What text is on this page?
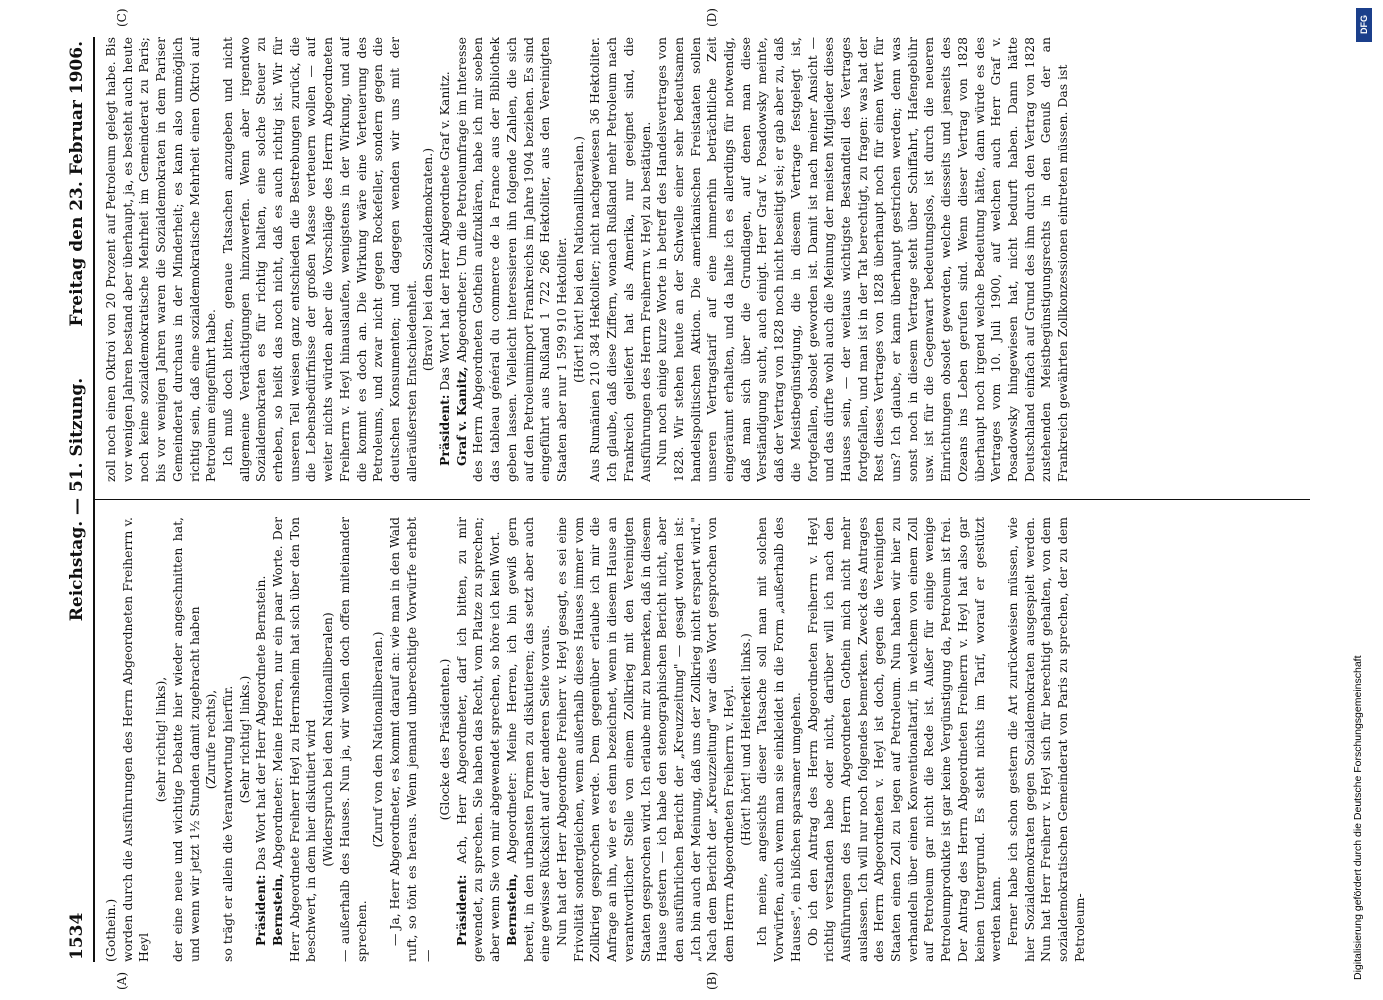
1534
Reichstag. — 51. Sitzung.
Freitag den 23. Februar 1906.
(A)	(B)
(C)	(D)

(Gothein.) worden durch die Ausführungen des Herrn Abgeordneten Freiherrn v. Heyl

(sehr richtig! links), der eine neue und wichtige Debatte hier wieder angeschnitten hat, und wenn wir jetzt 1½ Stunden damit zugebracht haben (Zurufe rechts), so trägt er allein die Verantwortung hierfür. (Sehr richtig! links.)

Präsident: Das Wort hat der Herr Abgeordnete Bernstein.

Bernstein, Abgeordneter: Meine Herren, nur ein paar Worte. Der Herr Abgeordnete Freiherr Heyl zu Herrnsheim hat sich über den Ton beschwert, in dem hier diskutiert wird (Widerspruch bei den Nationalliberalen) — außerhalb des Hauses. Nun ja, wir wollen doch offen miteinander sprechen.

(Zuruf von den Nationalliberalen.) — Ja, Herr Abgeordneter, es kommt darauf an: wie man in den Wald ruft, so tönt es heraus. Wenn jemand unberechtigte Vorwürfe erhebt —

(Glocke des Präsidenten.)

Präsident: Ach, Herr Abgeordneter, darf ich bitten, zu mir gewendet, zu sprechen. Sie haben das Recht, vom Platze zu sprechen; aber wenn Sie von mir abgewendet sprechen, so höre ich kein Wort. Bernstein, Abgeordneter: Meine Herren, ich bin gewiß gern bereit, in den urbansten Formen zu diskutieren; das setzt aber auch eine gewisse Rücksicht auf der anderen Seite voraus. Nun hat der Herr Abgeordnete Freiherr v. Heyl gesagt, es sei eine Frivolität sondergleichen, wenn außerhalb dieses Hauses immer vom Zollkrieg gesprochen werde. Dem gegenüber erlaube ich mir die Anfrage an ihn, wie er es denn bezeichnet, wenn in diesem Hause an verantwortlicher Stelle von einem Zollkrieg mit den Vereinigten Staaten gesprochen wird. Ich erlaube mir zu bemerken, daß in diesem Hause gestern — ich habe den stenographischen Bericht nicht, aber den ausführlichen Bericht der „Kreuzzeitung" — gesagt worden ist: „Ich bin auch der Meinung, daß uns der Zollkrieg nicht erspart wird." Nach dem Bericht der „Kreuzzeitung" war dies Wort gesprochen von dem Herrn Abgeordneten Freiherrn v. Heyl. (Hört! hört! und Heiterkeit links.) Ich meine, angesichts dieser Tatsache soll man mit solchen Vorwürfen, auch wenn man sie einkleidet in die Form „außerhalb des Hauses", ein bißchen sparsamer umgehen. Ob ich den Antrag des Herrn Abgeordneten Freiherrn v. Heyl richtig verstanden habe oder nicht, darüber will ich nach den Ausführungen des Herrn Abgeordneten Gothein mich nicht mehr auslassen. Ich will nur noch folgendes bemerken. Zweck des Antrages des Herrn Abgeordneten v. Heyl ist doch, gegen die Vereinigten Staaten einen Zoll zu legen auf Petroleum. Nun haben wir hier zu verhandeln über einen Konventionaltarif, in welchem von einem Zoll auf Petroleum gar nicht die Rede ist. Außer für einige wenige Petroleumprodukte ist gar keine Vergünstigung da, Petroleum ist frei. Der Antrag des Herrn Abgeordneten Freiherrn v. Heyl hat also gar keinen Untergrund. Es steht nichts im Tarif, worauf er gestützt werden kann. Ferner habe ich schon gestern die Art zurückweisen müssen, wie hier Sozialdemokraten gegen Sozialdemokraten ausgespielt werden. Nun hat Herr Freiherr v. Heyl sich für berechtigt gehalten, von dem sozialdemokratischen Gemeinderat von Paris zu sprechen, der zu dem Petroleum-

zoll noch einen Oktroi von 20 Prozent auf Petroleum gelegt habe. Bis vor wenigen Jahren bestand aber überhaupt, ja, es besteht auch heute noch keine sozialdemokratische Mehrheit im Gemeinderat zu Paris; bis vor wenigen Jahren waren die Sozialdemokraten in dem Pariser Gemeinderat durchaus in der Minderheit; es kann also unmöglich richtig sein, daß eine sozialdemokratische Mehrheit einen Oktroi auf Petroleum eingeführt habe. Ich muß doch bitten, genaue Tatsachen anzugeben und nicht allgemeine Verdächtigungen hinzuwerfen. Wenn aber irgendwo Sozialdemokraten es für richtig halten, eine solche Steuer zu erheben, so heißt das noch nicht, daß es auch richtig ist. Wir für unseren Teil weisen ganz entschieden die Bestrebungen zurück, die die Lebensbedürfnisse der großen Masse verteuern wollen — auf weiter nichts würden aber die Vorschläge des Herrn Abgeordneten Freiherrn v. Heyl hinauslaufen, wenigstens in der Wirkung, und auf die kommt es doch an. Die Wirkung wäre eine Verteuerung des Petroleums, und zwar nicht gegen Rockefeller, sondern gegen die deutschen Konsumenten; und dagegen wenden wir uns mit der alleräußersten Entschiedenheit.

(Bravo! bei den Sozialdemokraten.)

Präsident: Das Wort hat der Herr Abgeordnete Graf v. Kanitz.

Graf v. Kanitz, Abgeordneter: Um die Petroleumfrage im Interesse des Herrn Abgeordneten Gothein aufzuklären, habe ich mir soeben das tableau général du commerce de la France aus der Bibliothek geben lassen. Vielleicht interessieren ihn folgende Zahlen, die sich auf den Petroleumimport Frankreichs im Jahre 1904 beziehen. Es sind eingeführt aus Rußland 1 722 266 Hektoliter, aus den Vereinigten Staaten aber nur 1 599 910 Hektoliter. (Hört! hört! bei den Nationalliberalen.) Aus Rumänien 210 384 Hektoliter; nicht nachgewiesen 36 Hektoliter. Ich glaube, daß diese Ziffern, wonach Rußland mehr Petroleum nach Frankreich geliefert hat als Amerika, nur geeignet sind, die Ausführungen des Herrn Freiherrn v. Heyl zu bestätigen. Nun noch einige kurze Worte in betreff des Handelsvertrages von 1828. Wir stehen heute an der Schwelle einer sehr bedeutsamen handelspolitischen Aktion. Die amerikanischen Freistaaten sollen unseren Vertragstarif auf eine immerhin beträchtliche Zeit eingeräumt erhalten, und da halte ich es allerdings für notwendig, daß man sich über die Grundlagen, auf denen man diese Verständigung sucht, auch einigt. Herr Graf v. Posadowsky meinte, daß der Vertrag von 1828 noch nicht beseitigt sei; er gab aber zu, daß die Meistbegünstigung, die in diesem Vertrage festgelegt ist, fortgefallen, obsolet geworden ist. Damit ist nach meiner Ansicht — und das dürfte wohl auch die Meinung der meisten Mitglieder dieses Hauses sein, — der weitaus wichtigste Bestandteil des Vertrages fortgefallen, und man ist in der Tat berechtigt, zu fragen: was hat der Rest dieses Vertrages von 1828 überhaupt noch für einen Wert für uns? Ich glaube, er kann überhaupt gestrichen werden; denn was sonst noch in diesem Vertrage steht über Schiffahrt, Hafengebühr usw. ist für die Gegenwart bedeutungslos, ist durch die neueren Einrichtungen obsolet geworden, welche diesseits und jenseits des Ozeans ins Leben gerufen sind. Wenn dieser Vertrag von 1828 überhaupt noch irgend welche Bedeutung hätte, dann würde es des Vertrages vom 10. Juli 1900, auf welchen auch Herr Graf v. Posadowsky hingewiesen hat, nicht bedurft haben. Dann hätte Deutschland einfach auf Grund des ihm durch den Vertrag von 1828 zustehenden Meistbegünstigungsrechts in den Genuß der an Frankreich gewährten Zollkonzessionen eintreten müssen. Das ist

DFG
Digitalisierung gefördert durch die Deutsche Forschungsgemeinschaft
